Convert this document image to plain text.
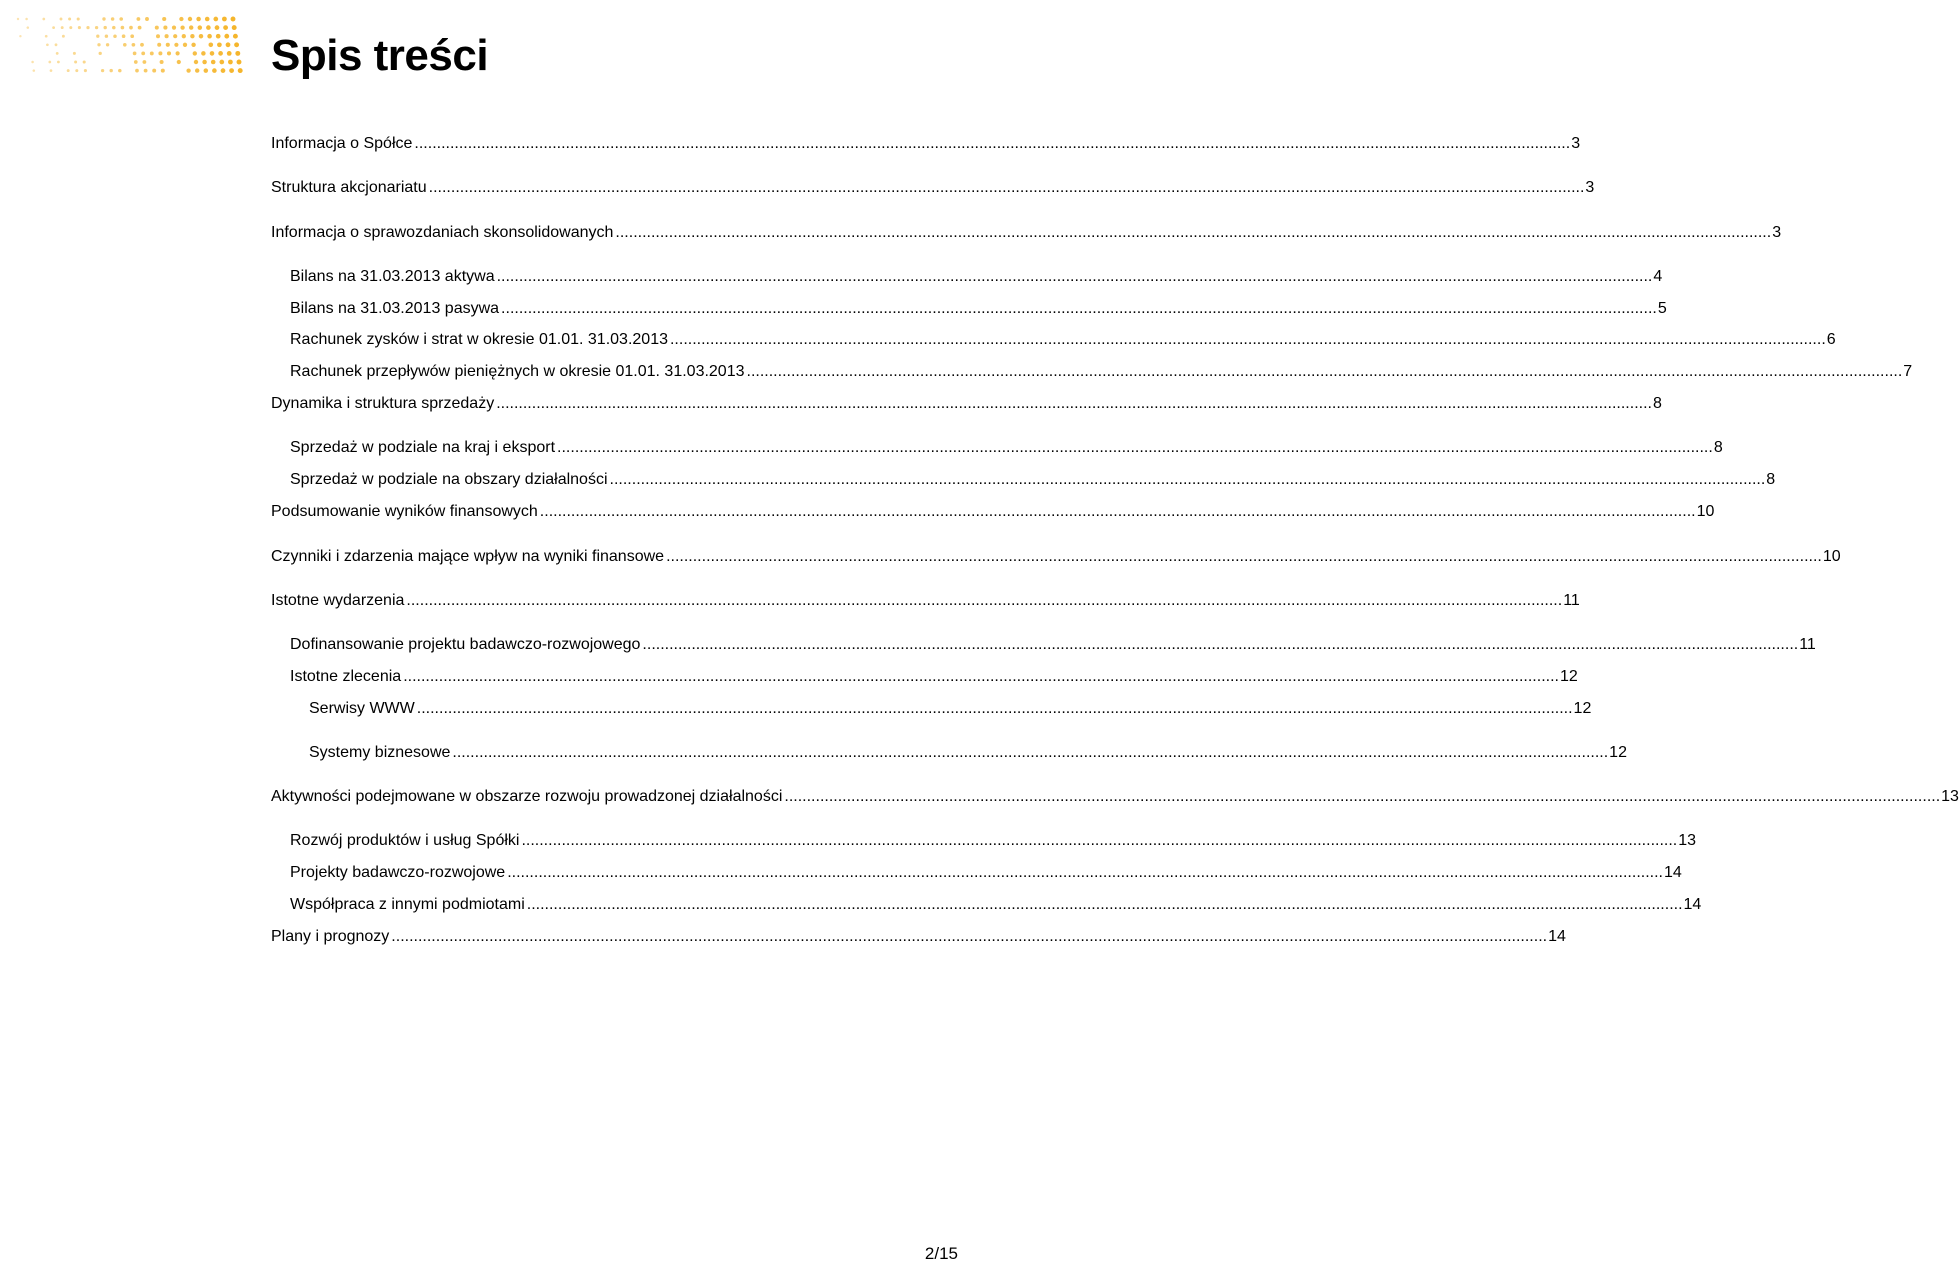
Spis treści
Informacja o Spółce .................................................................................................................................................................................................................................................................... 3
Struktura akcjonariatu .................................................................................................................................................................................................................................................................... 3
Informacja o sprawozdaniach skonsolidowanych .................................................................................................................................................................................................................................................................... 3
Bilans na 31.03.2013 aktywa .................................................................................................................................................................................................................................................................... 4
Bilans na 31.03.2013 pasywa .................................................................................................................................................................................................................................................................... 5
Rachunek zysków i strat w okresie 01.01. 31.03.2013 .................................................................................................................................................................................................................................................................... 6
Rachunek przepływów pieniężnych w okresie 01.01. 31.03.2013 .................................................................................................................................................................................................................................................................... 7
Dynamika i struktura sprzedaży .................................................................................................................................................................................................................................................................... 8
Sprzedaż w podziale na kraj i eksport .................................................................................................................................................................................................................................................................... 8
Sprzedaż w podziale na obszary działalności .................................................................................................................................................................................................................................................................... 8
Podsumowanie wyników finansowych .................................................................................................................................................................................................................................................................... 10
Czynniki i zdarzenia mające wpływ na wyniki finansowe .................................................................................................................................................................................................................................................................... 10
Istotne wydarzenia .................................................................................................................................................................................................................................................................... 11
Dofinansowanie projektu badawczo-rozwojowego .................................................................................................................................................................................................................................................................... 11
Istotne zlecenia .................................................................................................................................................................................................................................................................... 12
Serwisy WWW .................................................................................................................................................................................................................................................................... 12
Systemy biznesowe .................................................................................................................................................................................................................................................................... 12
Aktywności podejmowane w obszarze rozwoju prowadzonej działalności .................................................................................................................................................................................................................................................................... 13
Rozwój produktów i usług Spółki .................................................................................................................................................................................................................................................................... 13
Projekty badawczo-rozwojowe .................................................................................................................................................................................................................................................................... 14
Współpraca z innymi podmiotami .................................................................................................................................................................................................................................................................... 14
Plany i prognozy .................................................................................................................................................................................................................................................................... 14
2/15
